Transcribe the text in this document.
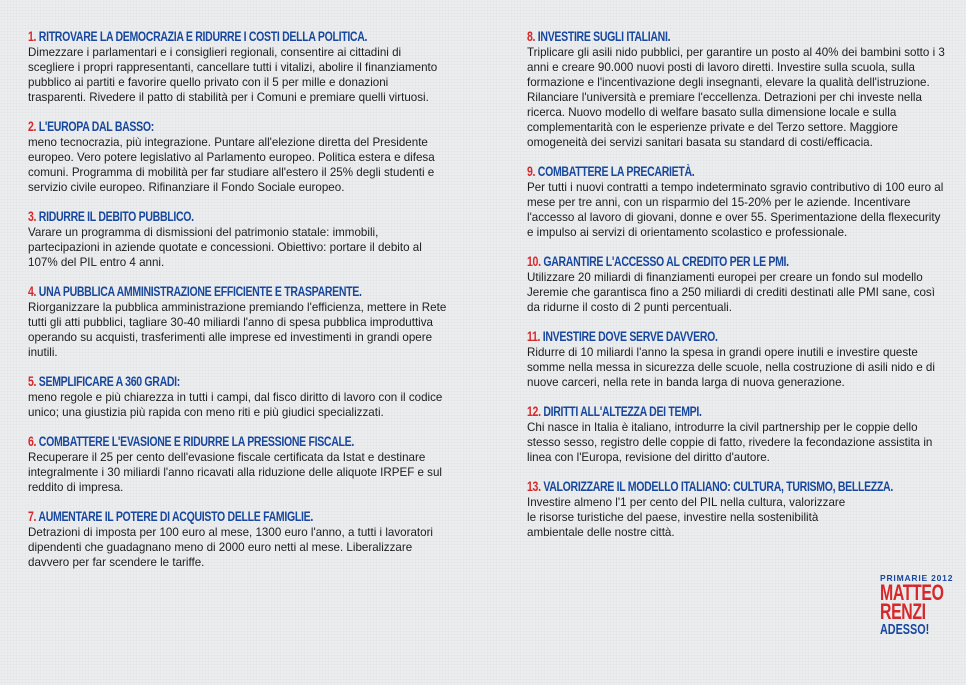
1. RITROVARE LA DEMOCRAZIA E RIDURRE I COSTI DELLA POLITICA.
Dimezzare i parlamentari e i consiglieri regionali, consentire ai cittadini di scegliere i propri rappresentanti, cancellare tutti i vitalizi, abolire il finanziamento pubblico ai partiti e favorire quello privato con il 5 per mille e donazioni trasparenti. Rivedere il patto di stabilità per i Comuni e premiare quelli virtuosi.
2. L'EUROPA DAL BASSO:
meno tecnocrazia, più integrazione. Puntare all'elezione diretta del Presidente europeo. Vero potere legislativo al Parlamento europeo. Politica estera e difesa comuni. Programma di mobilità per far studiare all'estero il 25% degli studenti e servizio civile europeo. Rifinanziare il Fondo Sociale europeo.
3. RIDURRE IL DEBITO PUBBLICO.
Varare un programma di dismissioni del patrimonio statale: immobili, partecipazioni in aziende quotate e concessioni. Obiettivo: portare il debito al 107% del PIL entro 4 anni.
4. UNA PUBBLICA AMMINISTRAZIONE EFFICIENTE E TRASPARENTE.
Riorganizzare la pubblica amministrazione premiando l'efficienza, mettere in Rete tutti gli atti pubblici, tagliare 30-40 miliardi l'anno di spesa pubblica improduttiva operando su acquisti, trasferimenti alle imprese ed investimenti in grandi opere inutili.
5. SEMPLIFICARE A 360 GRADI:
meno regole e più chiarezza in tutti i campi, dal fisco diritto di lavoro con il codice unico; una giustizia più rapida con meno riti e più giudici specializzati.
6. COMBATTERE L'EVASIONE E RIDURRE LA PRESSIONE FISCALE.
Recuperare il 25 per cento dell'evasione fiscale certificata da Istat e destinare integralmente i 30 miliardi l'anno ricavati alla riduzione delle aliquote IRPEF e sul reddito di impresa.
7. AUMENTARE IL POTERE DI ACQUISTO DELLE FAMIGLIE.
Detrazioni di imposta per 100 euro al mese, 1300 euro l'anno, a tutti i lavoratori dipendenti che guadagnano meno di 2000 euro netti al mese. Liberalizzare davvero per far scendere le tariffe.
8. INVESTIRE SUGLI ITALIANI.
Triplicare gli asili nido pubblici, per garantire un posto al 40% dei bambini sotto i 3 anni e creare 90.000 nuovi posti di lavoro diretti. Investire sulla scuola, sulla formazione e l'incentivazione degli insegnanti, elevare la qualità dell'istruzione. Rilanciare l'università e premiare l'eccellenza. Detrazioni per chi investe nella ricerca. Nuovo modello di welfare basato sulla dimensione locale e sulla complementarità con le esperienze private e del Terzo settore. Maggiore omogeneità dei servizi sanitari basata su standard di costi/efficacia.
9. COMBATTERE LA PRECARIETÀ.
Per tutti i nuovi contratti a tempo indeterminato sgravio contributivo di 100 euro al mese per tre anni, con un risparmio del 15-20% per le aziende. Incentivare l'accesso al lavoro di giovani, donne e over 55. Sperimentazione della flexecurity e impulso ai servizi di orientamento scolastico e professionale.
10. GARANTIRE L'ACCESSO AL CREDITO PER LE PMI.
Utilizzare 20 miliardi di finanziamenti europei per creare un fondo sul modello Jeremie che garantisca fino a 250 miliardi di crediti destinati alle PMI sane, così da ridurne il costo di 2 punti percentuali.
11. INVESTIRE DOVE SERVE DAVVERO.
Ridurre di 10 miliardi l'anno la spesa in grandi opere inutili e investire queste somme nella messa in sicurezza delle scuole, nella costruzione di asili nido e di nuove carceri, nella rete in banda larga di nuova generazione.
12. DIRITTI ALL'ALTEZZA DEI TEMPI.
Chi nasce in Italia è italiano, introdurre la civil partnership per le coppie dello stesso sesso, registro delle coppie di fatto, rivedere la fecondazione assistita in linea con l'Europa, revisione del diritto d'autore.
13. VALORIZZARE IL MODELLO ITALIANO: CULTURA, TURISMO, BELLEZZA.
Investire almeno l'1 per cento del PIL nella cultura, valorizzare le risorse turistiche del paese, investire nella sostenibilità ambientale delle nostre città.
PRIMARIE 2012
MATTEO
RENZI
ADESSO!
